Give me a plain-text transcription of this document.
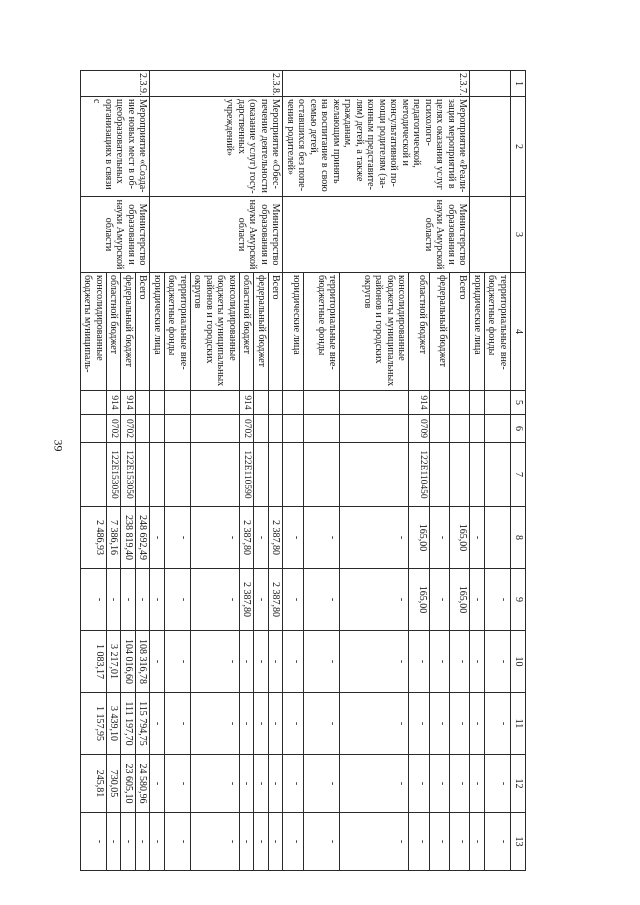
39
1	2	3	4	5	6	7	8	9	10	11	12	13
			территориальные внебюджетные фонды					-	-	-	-	-
			юридические лица				-	-	-	-	-	-
2.3.7.	Мероприятие «Реализация мероприятий в целях оказания услуг психолого-педагогической, методической и консультативной помощи родителям (законным представителям) детей, а также гражданам, желающим принять на воспитание в свою семью детей, оставшихся без попечения родителей»	Министерство образования и науки Амурской области	Всего				165,00	165,00	-	-	-	-
			федеральный бюджет				-	-	-	-	-	-
			областной бюджет	914	0709	122E110450	165,00	165,00	-	-	-	-
			консолидированные бюджеты муниципальных районов и городских округов				-	-	-	-	-	-
			территориальные внебюджетные фонды				-	-	-	-	-	-
			юридические лица				-	-	-	-	-	-
2.3.8.	Мероприятие «Обеспечение деятельности (оказание услуг) государственных учреждений»	Министерство образования и науки Амурской области	Всего				2 387,80	2 387,80	-	-	-	-
			федеральный бюджет				-	-	-	-	-	-
			областной бюджет	914	0702	122E110590	2 387,80	2 387,80	-	-	-	-
			консолидированные бюджеты муниципальных районов и городских округов				-	-	-	-	-	-
			территориальные внебюджетные фонды				-	-	-	-	-	-
			юридические лица				-	-	-	-	-	-
2.3.9.	Мероприятие «Создание новых мест в общеобразовательных организациях в связи с	Министерство образования и науки Амурской области	Всего				248 692,49	-	108 316,78	115 794,75	24 580,96	-
			федеральный бюджет	914	0702	122E153050	238 819,40	-	104 016,60	111 197,70	23 605,10	-
			областной бюджет	914	0702	122E153050	7 386,16	-	3 217,01	3 439,10	730,05	-
			консолидированные бюджеты муниципаль-				2 486,93	-	1 083,17	1 157,95	245,81	-
